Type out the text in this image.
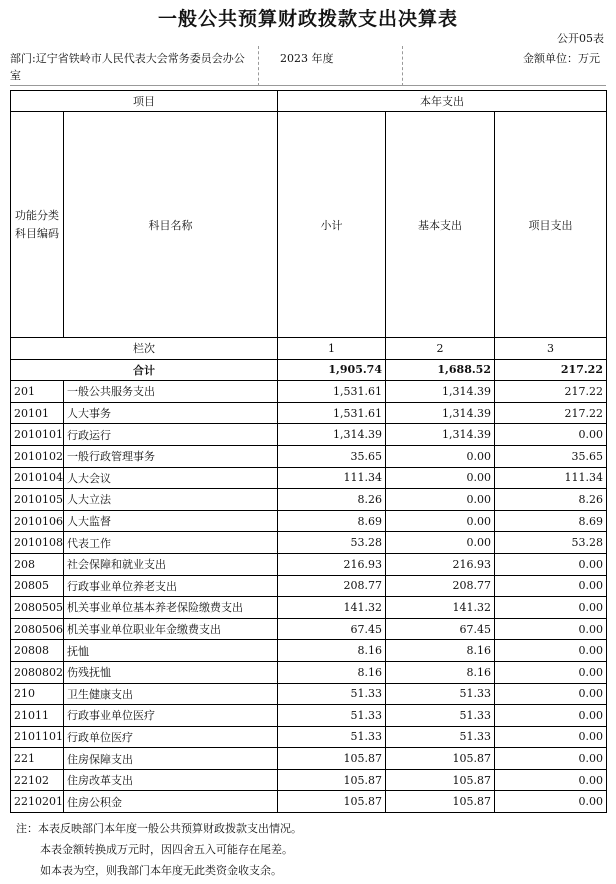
一般公共预算财政拨款支出决算表
公开05表
部门:辽宁省铁岭市人民代表大会常务委员会办公室
2023 年度	金额单位：万元
项目		本年支出		
功能分类科目编码	科目名称	小计	基本支出	项目支出
栏次		1	2	3
合计		1,905.74	1,688.52	217.22
201	一般公共服务支出	1,531.61	1,314.39	217.22
20101	人大事务	1,531.61	1,314.39	217.22
2010101	行政运行	1,314.39	1,314.39	0.00
2010102	一般行政管理事务	35.65	0.00	35.65
2010104	人大会议	111.34	0.00	111.34
2010105	人大立法	8.26	0.00	8.26
2010106	人大监督	8.69	0.00	8.69
2010108	代表工作	53.28	0.00	53.28
208	社会保障和就业支出	216.93	216.93	0.00
20805	行政事业单位养老支出	208.77	208.77	0.00
2080505	机关事业单位基本养老保险缴费支出	141.32	141.32	0.00
2080506	机关事业单位职业年金缴费支出	67.45	67.45	0.00
20808	抚恤	8.16	8.16	0.00
2080802	伤残抚恤	8.16	8.16	0.00
210	卫生健康支出	51.33	51.33	0.00
21011	行政事业单位医疗	51.33	51.33	0.00
2101101	行政单位医疗	51.33	51.33	0.00
221	住房保障支出	105.87	105.87	0.00
22102	住房改革支出	105.87	105.87	0.00
2210201	住房公积金	105.87	105.87	0.00
注：本表反映部门本年度一般公共预算财政拨款支出情况。
本表金额转换成万元时，因四舍五入可能存在尾差。
如本表为空，则我部门本年度无此类资金收支余。
